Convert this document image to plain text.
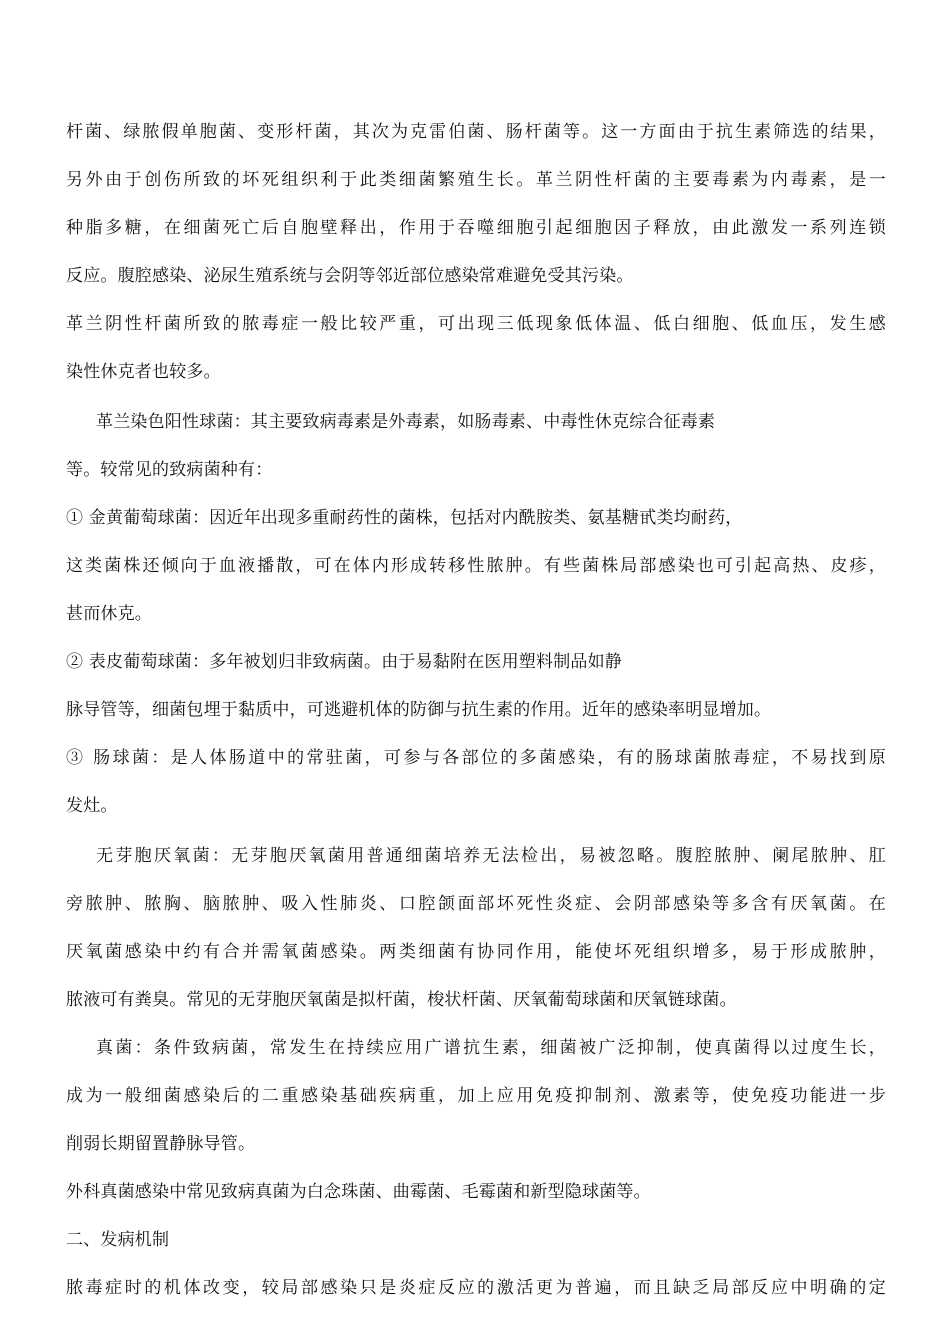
杆菌、绿脓假单胞菌、变形杆菌，其次为克雷伯菌、肠杆菌等。这一方面由于抗生素筛选的结果，
另外由于创伤所致的坏死组织利于此类细菌繁殖生长。革兰阴性杆菌的主要毒素为内毒素，是一
种脂多糖，在细菌死亡后自胞壁释出，作用于吞噬细胞引起细胞因子释放，由此激发一系列连锁
反应。腹腔感染、泌尿生殖系统与会阴等邻近部位感染常难避免受其污染。
革兰阴性杆菌所致的脓毒症一般比较严重，可出现三低现象低体温、低白细胞、低血压，发生感
染性休克者也较多。
革兰染色阳性球菌：其主要致病毒素是外毒素，如肠毒素、中毒性休克综合征毒素
等。较常见的致病菌种有：
① 金黄葡萄球菌：因近年出现多重耐药性的菌株，包括对内酰胺类、氨基糖甙类均耐药，
这类菌株还倾向于血液播散，可在体内形成转移性脓肿。有些菌株局部感染也可引起高热、皮疹，
甚而休克。
② 表皮葡萄球菌：多年被划归非致病菌。由于易黏附在医用塑料制品如静
脉导管等，细菌包埋于黏质中，可逃避机体的防御与抗生素的作用。近年的感染率明显增加。
③ 肠球菌：是人体肠道中的常驻菌，可参与各部位的多菌感染，有的肠球菌脓毒症，不易找到原
发灶。
无芽胞厌氧菌：无芽胞厌氧菌用普通细菌培养无法检出，易被忽略。腹腔脓肿、阑尾脓肿、肛
旁脓肿、脓胸、脑脓肿、吸入性肺炎、口腔颌面部坏死性炎症、会阴部感染等多含有厌氧菌。在
厌氧菌感染中约有合并需氧菌感染。两类细菌有协同作用，能使坏死组织增多，易于形成脓肿，
脓液可有粪臭。常见的无芽胞厌氧菌是拟杆菌，梭状杆菌、厌氧葡萄球菌和厌氧链球菌。
真菌：条件致病菌，常发生在持续应用广谱抗生素，细菌被广泛抑制，使真菌得以过度生长，
成为一般细菌感染后的二重感染基础疾病重，加上应用免疫抑制剂、激素等，使免疫功能进一步
削弱长期留置静脉导管。
外科真菌感染中常见致病真菌为白念珠菌、曲霉菌、毛霉菌和新型隐球菌等。
二、发病机制
脓毒症时的机体改变，较局部感染只是炎症反应的激活更为普遍，而且缺乏局部反应中明确的定
